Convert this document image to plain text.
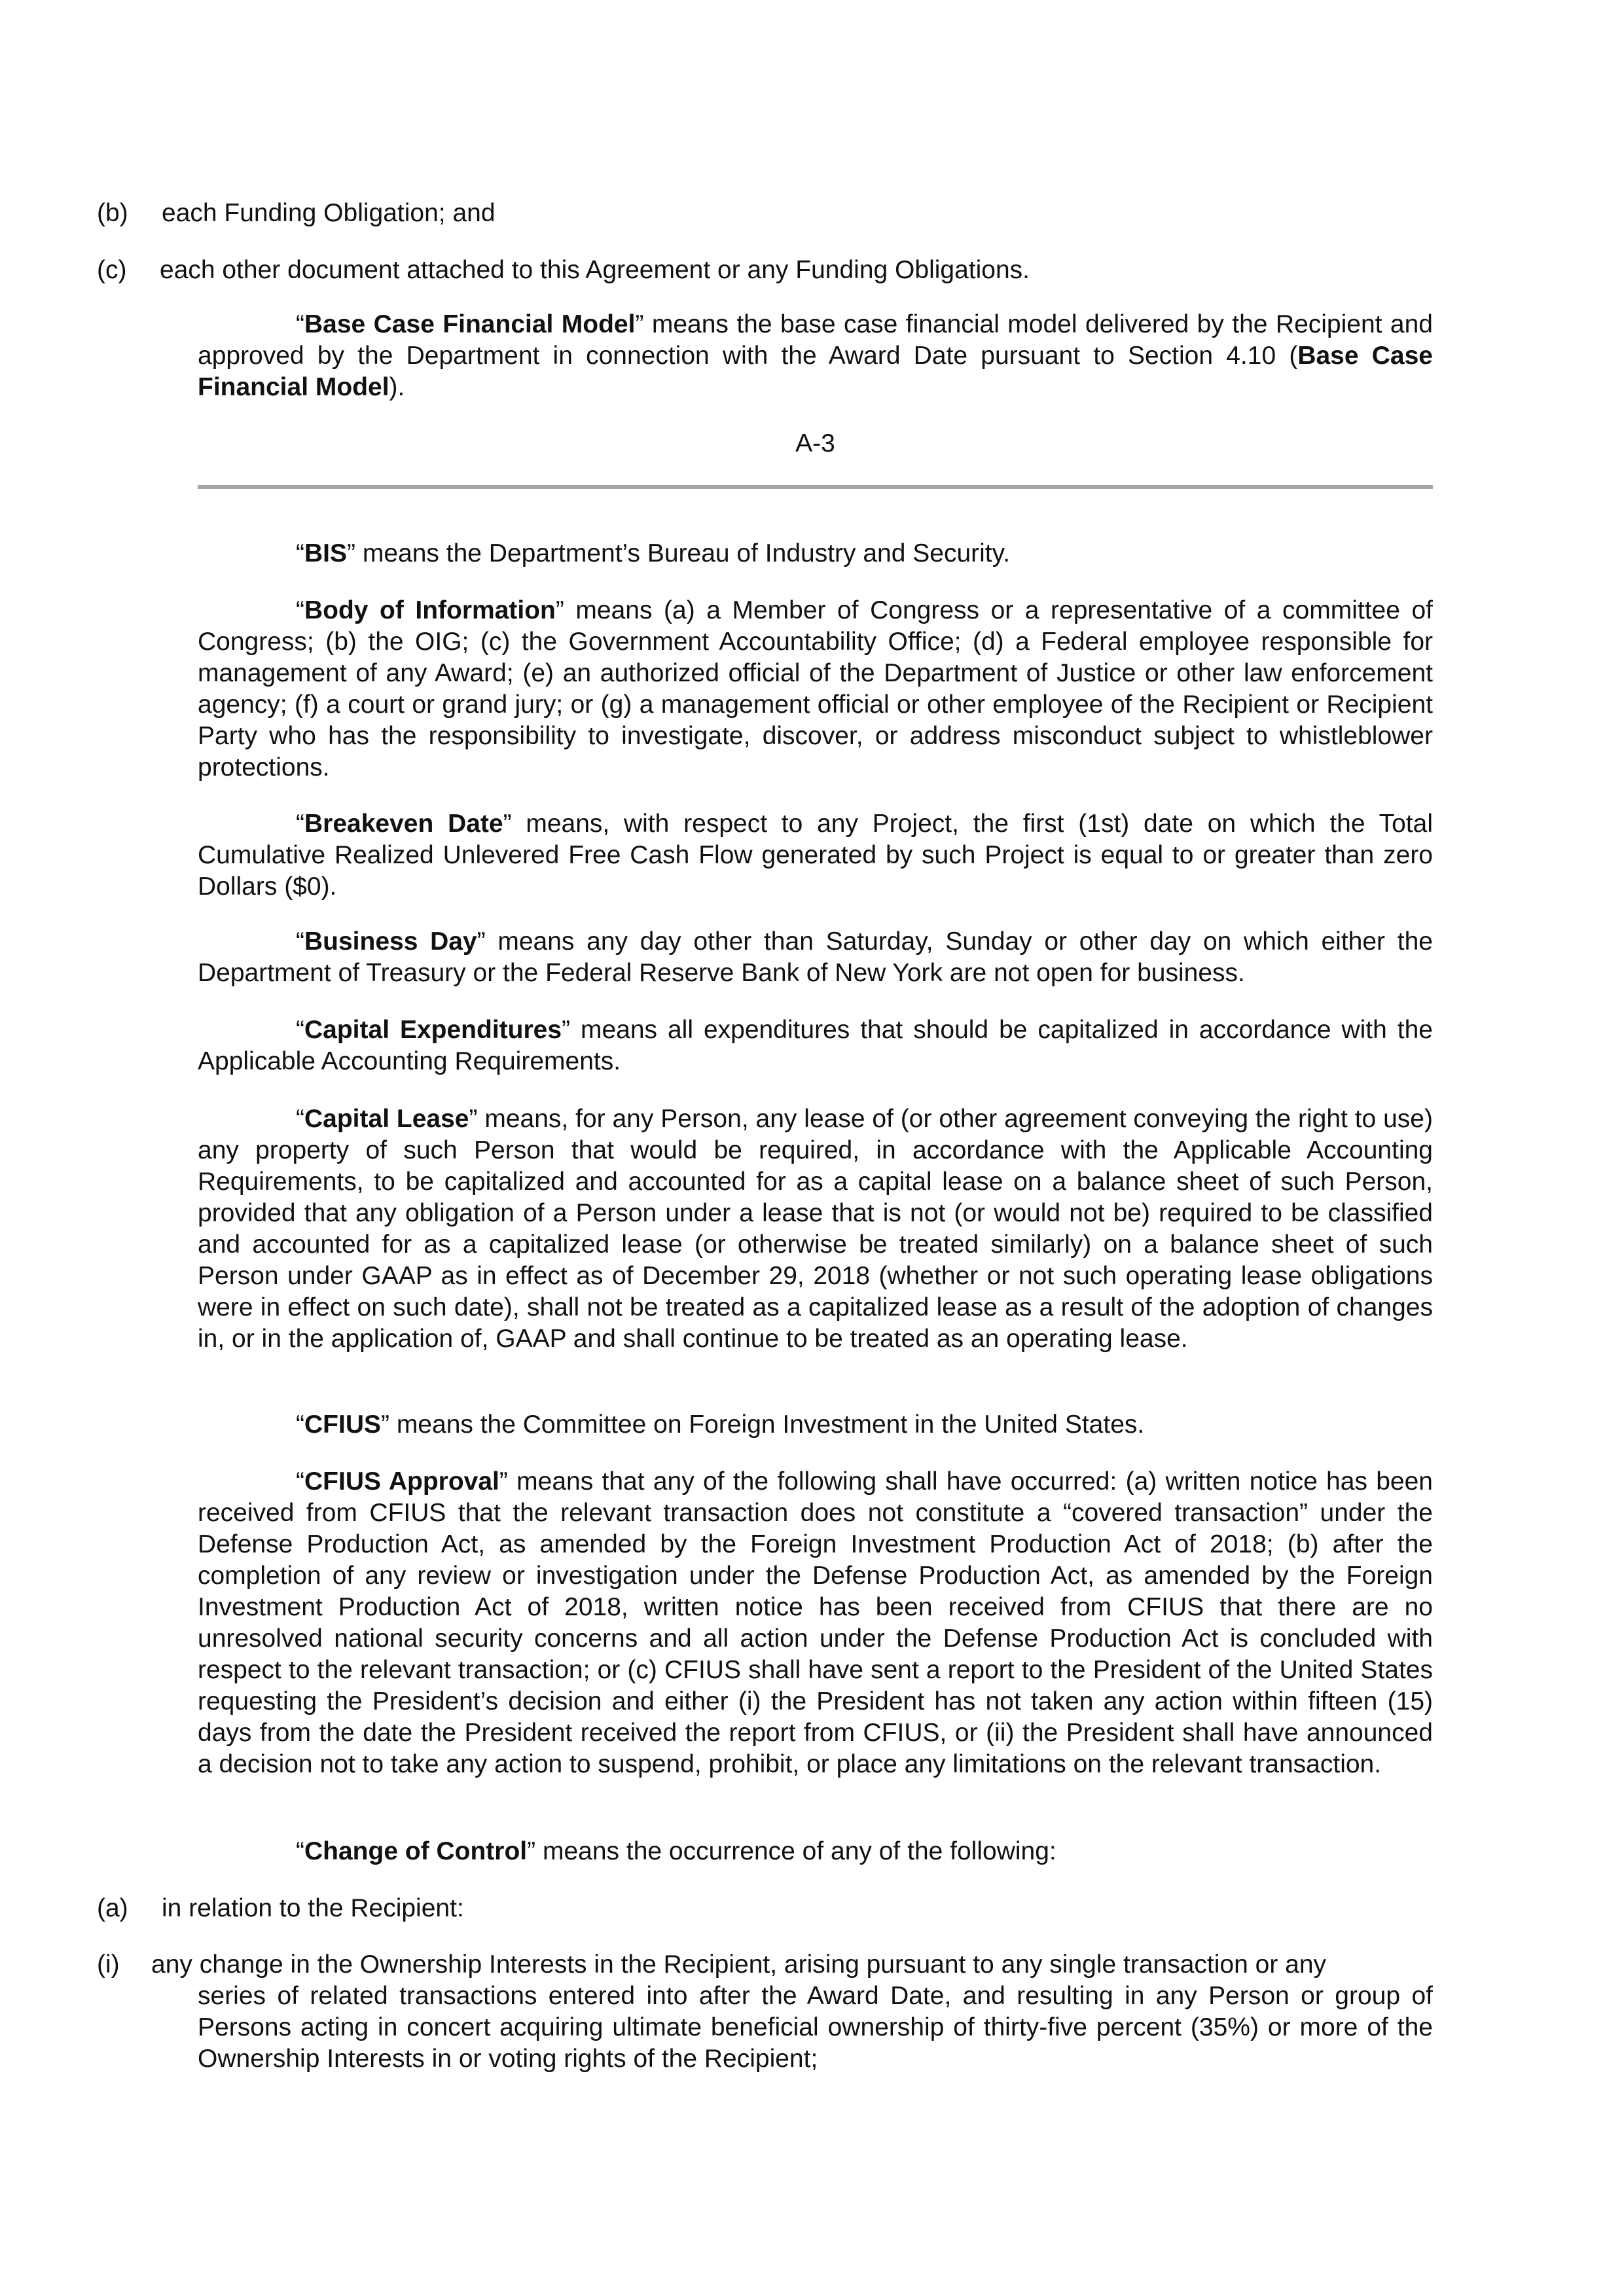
(b) each Funding Obligation; and
(c) each other document attached to this Agreement or any Funding Obligations.

“Base Case Financial Model” means the base case financial model delivered by the Recipient and approved by the Department in connection with the Award Date pursuant to Section 4.10 (Base Case Financial Model).

A-3

“BIS” means the Department’s Bureau of Industry and Security.

“Body of Information” means (a) a Member of Congress or a representative of a committee of Congress; (b) the OIG; (c) the Government Accountability Office; (d) a Federal employee responsible for management of any Award; (e) an authorized official of the Department of Justice or other law enforcement agency; (f) a court or grand jury; or (g) a management official or other employee of the Recipient or Recipient Party who has the responsibility to investigate, discover, or address misconduct subject to whistleblower protections.

“Breakeven Date” means, with respect to any Project, the first (1st) date on which the Total Cumulative Realized Unlevered Free Cash Flow generated by such Project is equal to or greater than zero Dollars ($0).

“Business Day” means any day other than Saturday, Sunday or other day on which either the Department of Treasury or the Federal Reserve Bank of New York are not open for business.

“Capital Expenditures” means all expenditures that should be capitalized in accordance with the Applicable Accounting Requirements.

“Capital Lease” means, for any Person, any lease of (or other agreement conveying the right to use) any property of such Person that would be required, in accordance with the Applicable Accounting Requirements, to be capitalized and accounted for as a capital lease on a balance sheet of such Person, provided that any obligation of a Person under a lease that is not (or would not be) required to be classified and accounted for as a capitalized lease (or otherwise be treated similarly) on a balance sheet of such Person under GAAP as in effect as of December 29, 2018 (whether or not such operating lease obligations were in effect on such date), shall not be treated as a capitalized lease as a result of the adoption of changes in, or in the application of, GAAP and shall continue to be treated as an operating lease.

“CFIUS” means the Committee on Foreign Investment in the United States.

“CFIUS Approval” means that any of the following shall have occurred: (a) written notice has been received from CFIUS that the relevant transaction does not constitute a “covered transaction” under the Defense Production Act, as amended by the Foreign Investment Production Act of 2018; (b) after the completion of any review or investigation under the Defense Production Act, as amended by the Foreign Investment Production Act of 2018, written notice has been received from CFIUS that there are no unresolved national security concerns and all action under the Defense Production Act is concluded with respect to the relevant transaction; or (c) CFIUS shall have sent a report to the President of the United States requesting the President’s decision and either (i) the President has not taken any action within fifteen (15) days from the date the President received the report from CFIUS, or (ii) the President shall have announced a decision not to take any action to suspend, prohibit, or place any limitations on the relevant transaction.

“Change of Control” means the occurrence of any of the following:

(a) in relation to the Recipient:
(i) any change in the Ownership Interests in the Recipient, arising pursuant to any single transaction or any

series of related transactions entered into after the Award Date, and resulting in any Person or group of Persons acting in concert acquiring ultimate beneficial ownership of thirty-five percent (35%) or more of the Ownership Interests in or voting rights of the Recipient;
